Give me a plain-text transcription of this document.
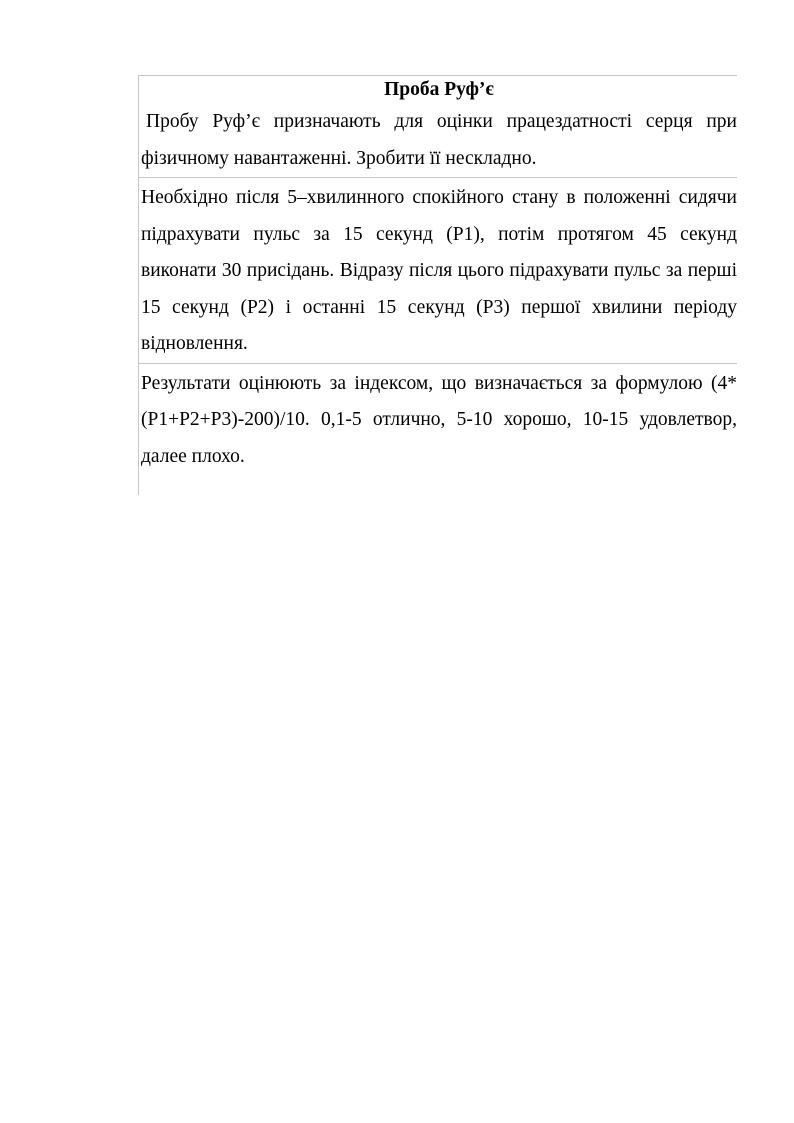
Проба Руф’є
Пробу Руф’є призначають для оцінки працездатності серця при фізичному навантаженні. Зробити її нескладно.
Необхідно після 5–хвилинного спокійного стану в положенні сидячи підрахувати пульс за 15 секунд (Р1), потім протягом 45 секунд виконати 30 присідань. Відразу після цього підрахувати пульс за перші 15 секунд (Р2) і останні 15 секунд (Р3) першої хвилини періоду відновлення.
Результати оцінюють за індексом, що визначається за формулою (4*(P1+P2+P3)-200)/10. 0,1-5 отлично, 5-10 хорошо, 10-15 удовлетвор, далее плохо.
